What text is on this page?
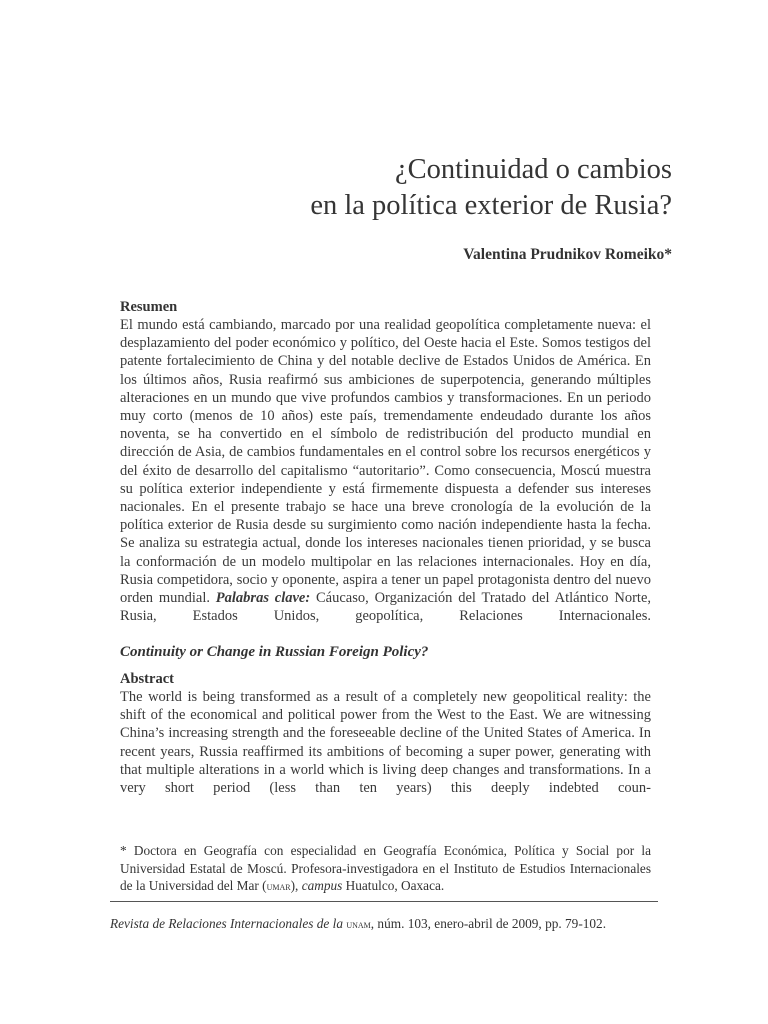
¿Continuidad o cambios
en la política exterior de Rusia?
Valentina Prudnikov Romeiko*
Resumen
El mundo está cambiando, marcado por una realidad geopolítica completamente nueva: el desplazamiento del poder económico y político, del Oeste hacia el Este. Somos testigos del patente fortalecimiento de China y del notable declive de Estados Unidos de América. En los últimos años, Rusia reafirmó sus ambiciones de superpotencia, generando múltiples alteraciones en un mundo que vive profundos cambios y transformaciones. En un periodo muy corto (menos de 10 años) este país, tremendamente endeudado durante los años noventa, se ha convertido en el símbolo de redistribución del producto mundial en dirección de Asia, de cambios fundamentales en el control sobre los recursos energéticos y del éxito de desarrollo del capitalismo “autoritario”. Como consecuencia, Moscú muestra su política exterior independiente y está firmemente dispuesta a defender sus intereses nacionales. En el presente trabajo se hace una breve cronología de la evolución de la política exterior de Rusia desde su surgimiento como nación independiente hasta la fecha. Se analiza su estrategia actual, donde los intereses nacionales tienen prioridad, y se busca la conformación de un modelo multipolar en las relaciones internacionales. Hoy en día, Rusia competidora, socio y oponente, aspira a tener un papel protagonista dentro del nuevo orden mundial. Palabras clave: Cáucaso, Organización del Tratado del Atlántico Norte, Rusia, Estados Unidos, geopolítica, Relaciones Internacionales.
Continuity or Change in Russian Foreign Policy?
Abstract
The world is being transformed as a result of a completely new geopolitical reality: the shift of the economical and political power from the West to the East. We are witnessing China’s increasing strength and the foreseeable decline of the United States of America. In recent years, Russia reaffirmed its ambitions of becoming a super power, generating with that multiple alterations in a world which is living deep changes and transformations. In a very short period (less than ten years) this deeply indebted coun-
* Doctora en Geografía con especialidad en Geografía Económica, Política y Social por la Universidad Estatal de Moscú. Profesora-investigadora en el Instituto de Estudios Internacionales de la Universidad del Mar (umar), campus Huatulco, Oaxaca.
Revista de Relaciones Internacionales de la unam, núm. 103, enero-abril de 2009, pp. 79-102.
